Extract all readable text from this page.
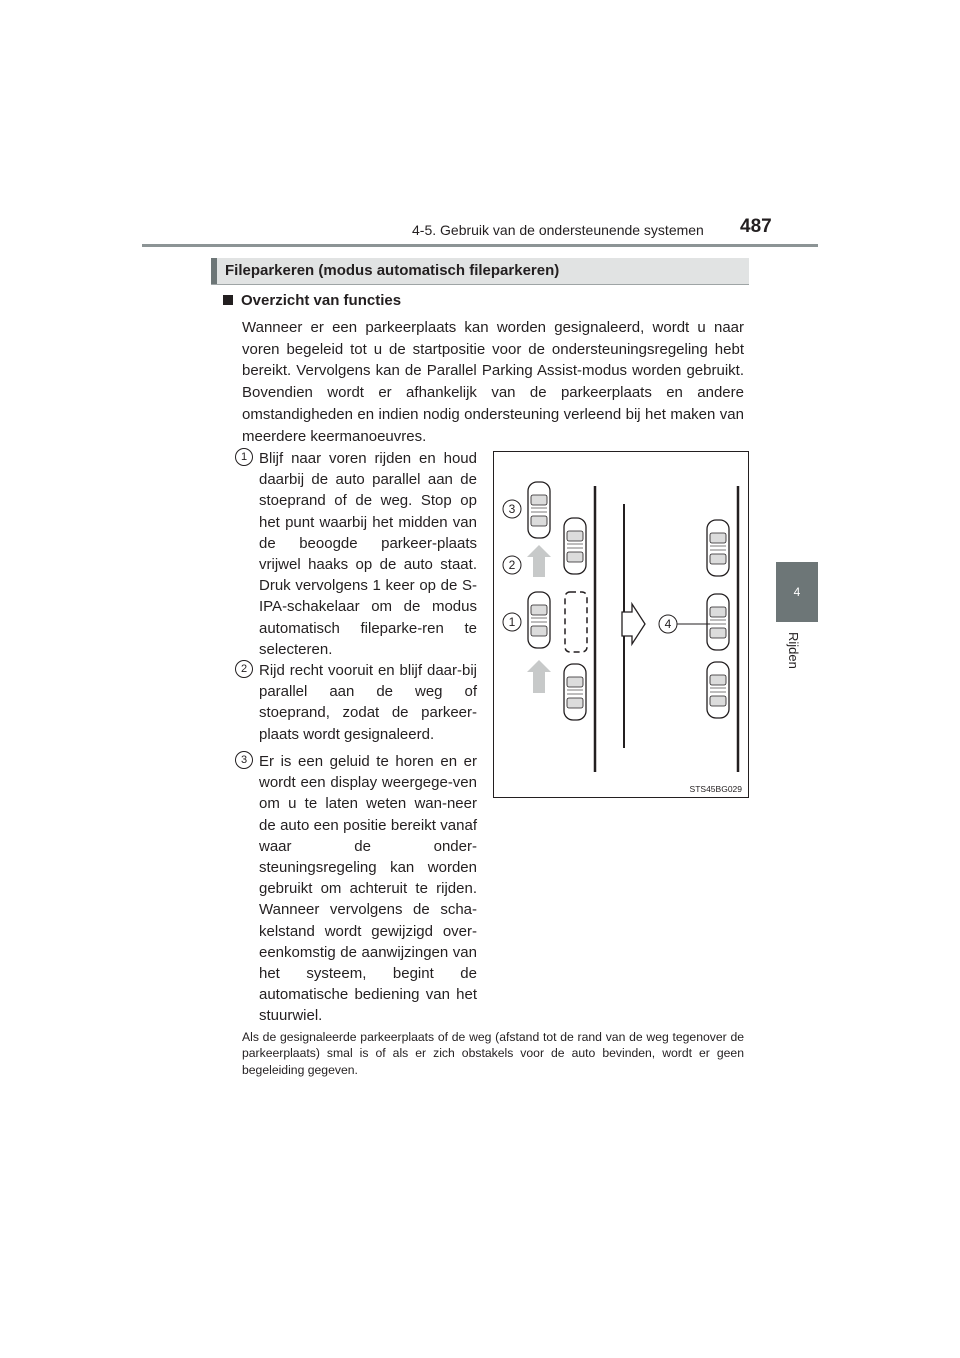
4-5. Gebruik van de ondersteunende systemen 487
4
Rijden
Fileparkeren (modus automatisch fileparkeren)
Overzicht van functies
Wanneer er een parkeerplaats kan worden gesignaleerd, wordt u naar voren begeleid tot u de startpositie voor de ondersteuningsregeling hebt bereikt. Vervolgens kan de Parallel Parking Assist-modus worden gebruikt. Bovendien wordt er afhankelijk van de parkeerplaats en andere omstandigheden en indien nodig ondersteuning verleend bij het maken van meerdere keermanoeuvres.
1 Blijf naar voren rijden en houd daarbij de auto parallel aan de stoeprand of de weg. Stop op het punt waarbij het midden van de beoogde parkeer-plaats vrijwel haaks op de auto staat. Druk vervolgens 1 keer op de S-IPA-schakelaar om de modus automatisch fileparke-ren te selecteren.
2 Rijd recht vooruit en blijf daar-bij parallel aan de weg of stoeprand, zodat de parkeer-plaats wordt gesignaleerd.
3 Er is een geluid te horen en er wordt een display weergege-ven om u te laten weten wan-neer de auto een positie bereikt vanaf waar de onder-steuningsregeling kan worden gebruikt om achteruit te rijden. Wanneer vervolgens de scha-kelstand wordt gewijzigd over-eenkomstig de aanwijzingen van het systeem, begint de automatische bediening van het stuurwiel.
Als de gesignaleerde parkeerplaats of de weg (afstand tot de rand van de weg tegenover de parkeerplaats) smal is of als er zich obstakels voor de auto bevinden, wordt er geen begeleiding gegeven.
3
2
1	4
STS45BG029
